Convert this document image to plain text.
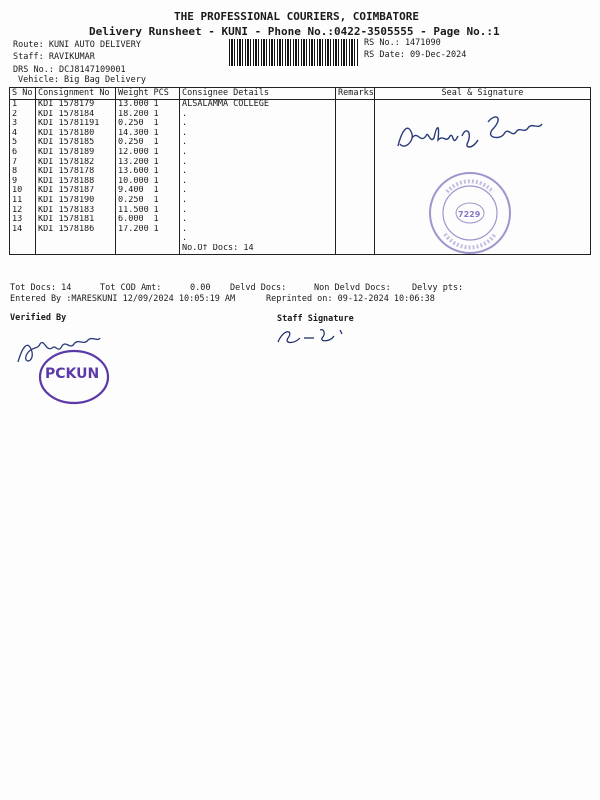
THE PROFESSIONAL COURIERS, COIMBATORE
Delivery Runsheet - KUNI - Phone No.:0422-3505555 - Page No.:1
Route: KUNI AUTO DELIVERY
Staff: RAVIKUMAR
DRS No.: DCJ8147109001
Vehicle: Big Bag Delivery
RS No.: 1471090
RS Date: 09-Dec-2024
S No	Consignment No	Weight	PCS	Consignee Details	Remarks	Seal & Signature
1	KDI 1578179	13.000	1	ALSALAMMA COLLEGE		

2	KDI 1578184	18.200	1	.		
3	KDI 15781191	0.250	1	.		
4	KDI 1578180	14.300	1	.		
5	KDI 1578185	0.250	1	.		
6	KDI 1578189	12.000	1	.		
7	KDI 1578182	13.200	1	.		
8	KDI 1578178	13.600	1	.		
9	KDI 1578188	10.000	1	.		
10	KDI 1578187	9.400	1	.		
11	KDI 1578190	0.250	1	.		
12	KDI 1578183	11.500	1	.		
13	KDI 1578181	6.000	1	.		
14	KDI 1578186	17.200	1	.		
				.		
				No.Of Docs: 14		
7229
Tot Docs: 14	Tot COD Amt:	0.00 Delvd Docs:	Non Delvd Docs: Delvy pts:
Entered By :MARESKUNI 12/09/2024 10:05:19 AM	Reprinted on: 09-12-2024 10:06:38
Verified By	Staff Signature
PCKUN
